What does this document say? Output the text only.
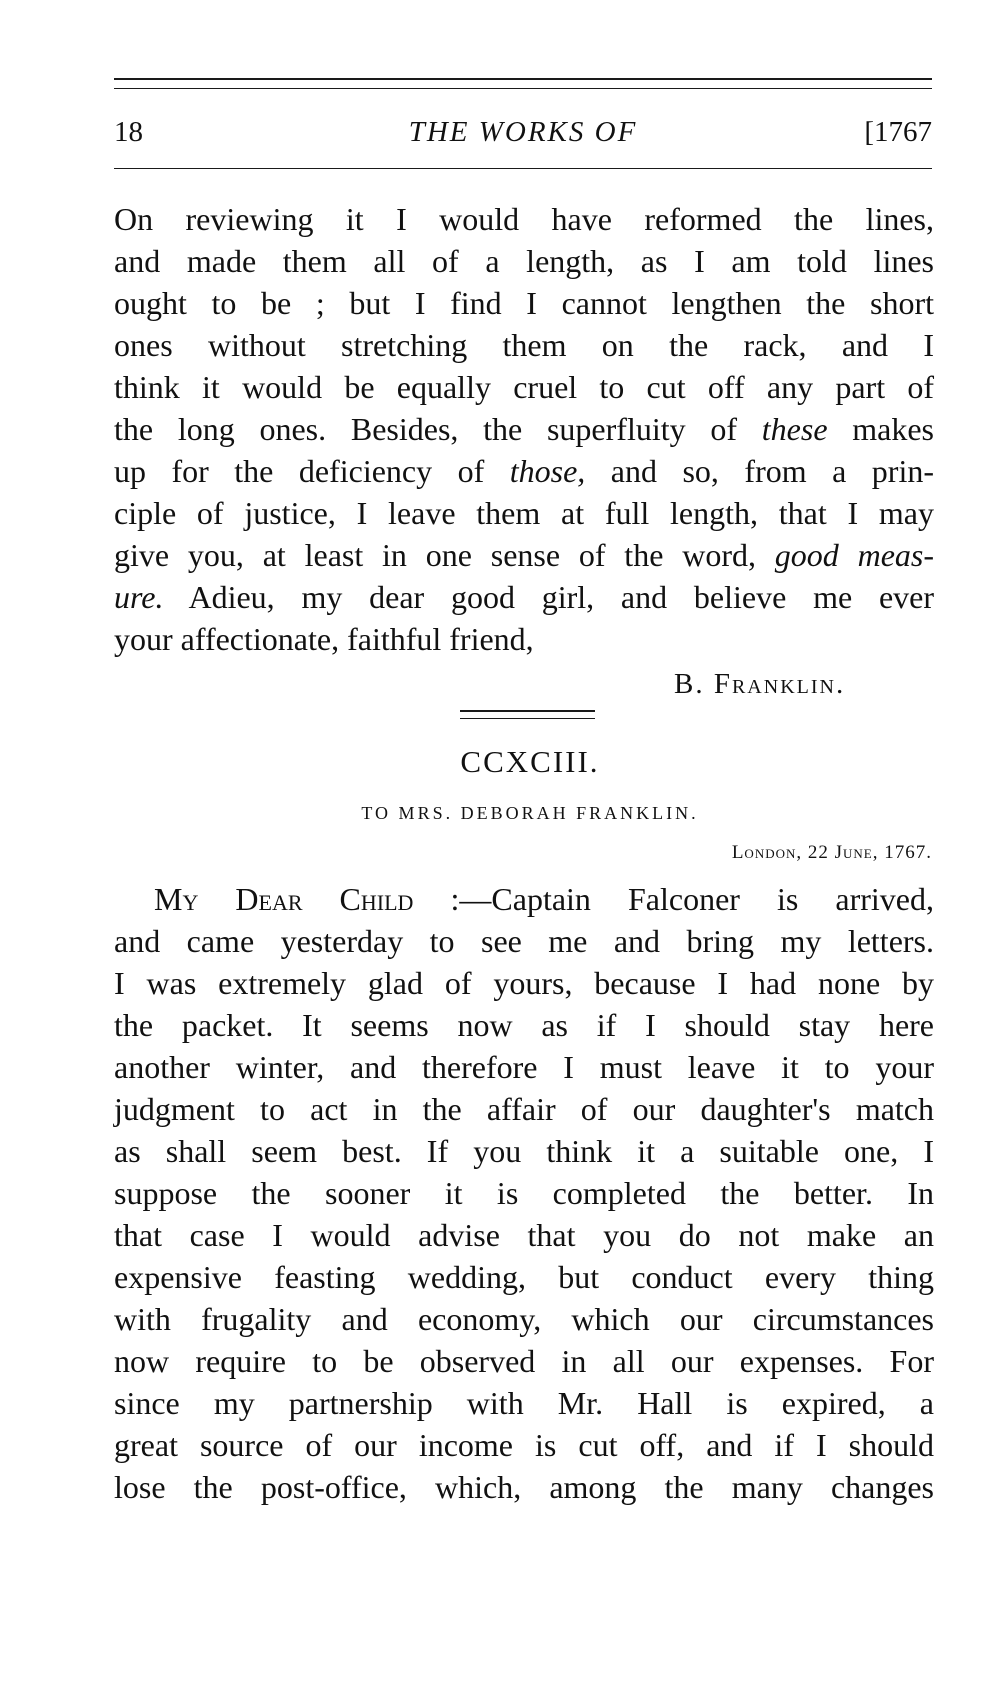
18	THE WORKS OF	[1767
On reviewing it I would have reformed the lines,
and made them all of a length, as I am told lines
ought to be ; but I find I cannot lengthen the short
ones without stretching them on the rack, and I
think it would be equally cruel to cut off any part of
the long ones. Besides, the superfluity of these makes
up for the deficiency of those, and so, from a prin-
ciple of justice, I leave them at full length, that I may
give you, at least in one sense of the word, good meas-
ure. Adieu, my dear good girl, and believe me ever
your affectionate, faithful friend,
B. Franklin.
CCXCIII.
TO MRS. DEBORAH FRANKLIN.
London, 22 June, 1767.
My Dear Child :—Captain Falconer is arrived,
and came yesterday to see me and bring my letters.
I was extremely glad of yours, because I had none by
the packet. It seems now as if I should stay here
another winter, and therefore I must leave it to your
judgment to act in the affair of our daughter's match
as shall seem best. If you think it a suitable one, I
suppose the sooner it is completed the better. In
that case I would advise that you do not make an
expensive feasting wedding, but conduct every thing
with frugality and economy, which our circumstances
now require to be observed in all our expenses. For
since my partnership with Mr. Hall is expired, a
great source of our income is cut off, and if I should
lose the post-office, which, among the many changes
